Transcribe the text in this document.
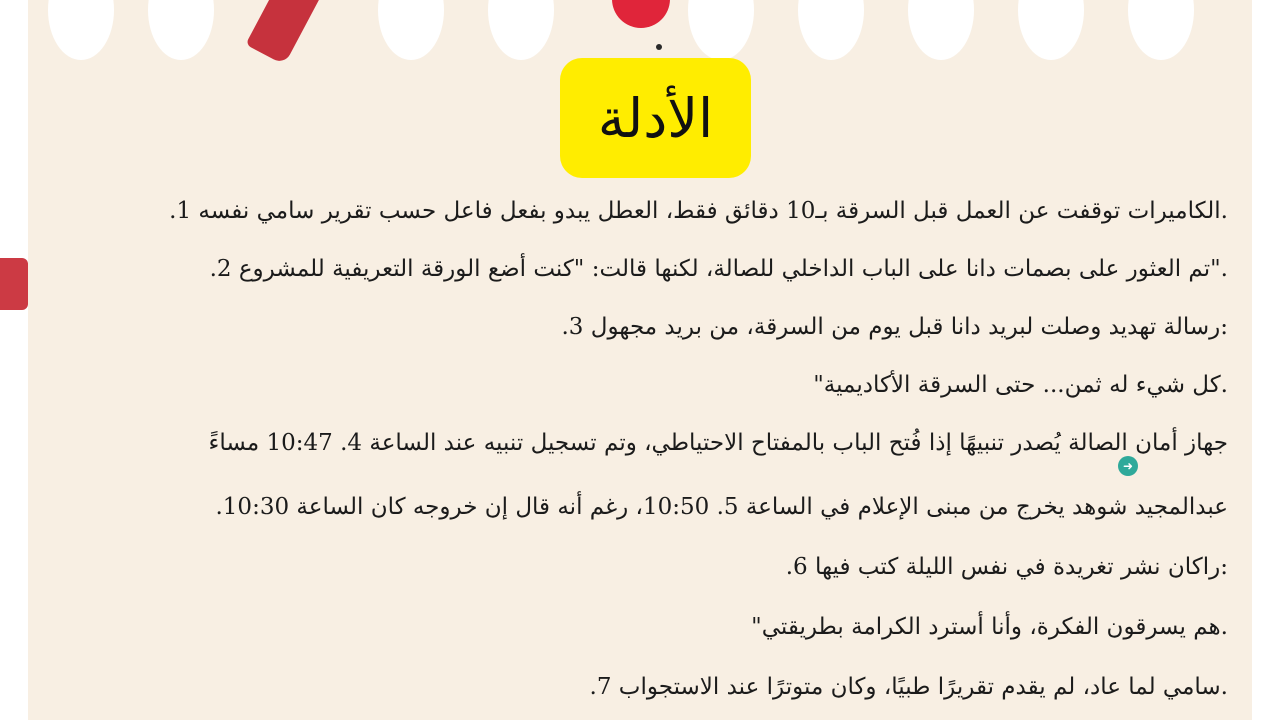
الأدلة
.الكاميرات توقفت عن العمل قبل السرقة بـ10 دقائق فقط، العطل يبدو بفعل فاعل حسب تقرير سامي نفسه 1.
."تم العثور على بصمات دانا على الباب الداخلي للصالة، لكنها قالت: "كنت أضع الورقة التعريفية للمشروع 2.
:رسالة تهديد وصلت لبريد دانا قبل يوم من السرقة، من بريد مجهول 3.
.كل شيء له ثمن... حتى السرقة الأكاديمية"
جهاز أمان الصالة يُصدر تنبيهًا إذا فُتح الباب بالمفتاح الاحتياطي، وتم تسجيل تنبيه عند الساعة 4. 10:47 مساءً
عبدالمجيد شوهد يخرج من مبنى الإعلام في الساعة 5. 10:50، رغم أنه قال إن خروجه كان الساعة 10:30.
:راكان نشر تغريدة في نفس الليلة كتب فيها 6.
.هم يسرقون الفكرة، وأنا أسترد الكرامة بطريقتي"
.سامي لما عاد، لم يقدم تقريرًا طبيًا، وكان متوترًا عند الاستجواب 7.
➜
